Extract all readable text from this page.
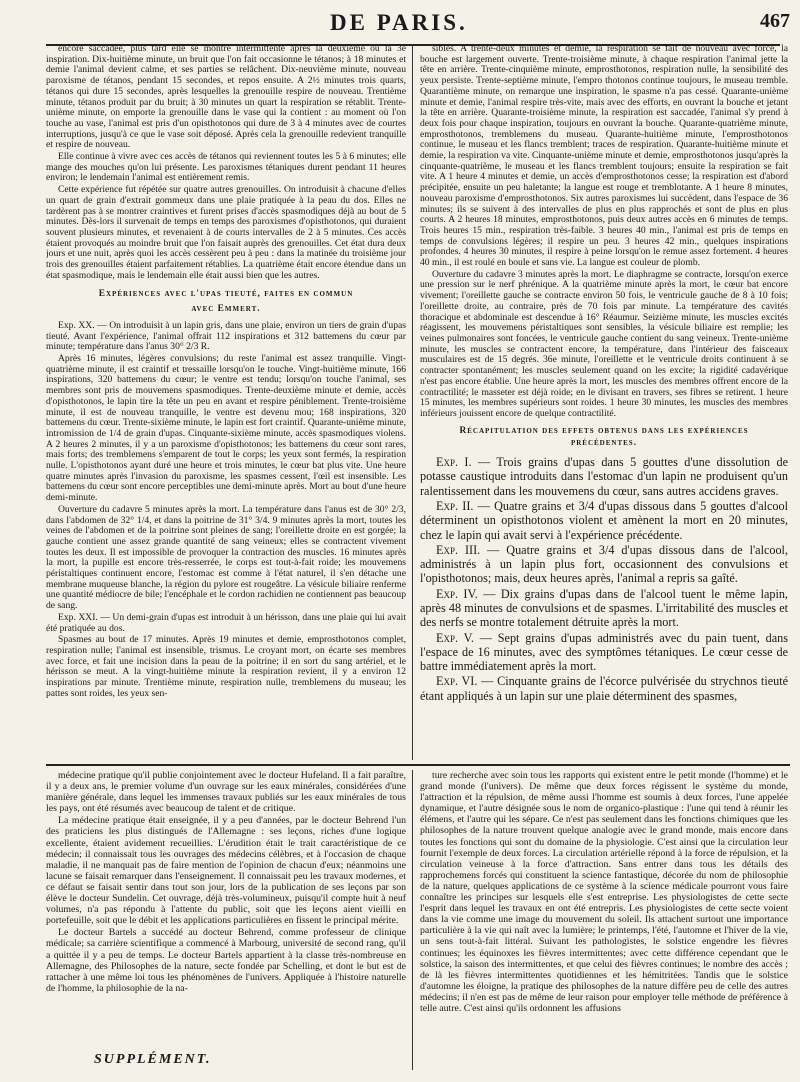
DE PARIS.	467

encore saccadée, plus tard elle se montre intermittente après la deuxième ou la 3e inspiration. Dix-huitième minute, un bruit que l'on fait occasionne le tétanos; à 18 minutes et demie l'animal devient calme, et ses parties se relâchent. Dix-neuvième minute, nouveau paroxisme de tétanos, pendant 15 secondes, et repos ensuite. A 2½ minutes trois quarts, tétanos qui dure 15 secondes, après lesquelles la grenouille respire de nouveau. Trentième minute, tétanos produit par du bruit; à 30 minutes un quart la respiration se rétablit. Trente-unième minute, on emporte la grenouille dans le vase qui la contient : au moment où l'on touche au vase, l'animal est pris d'un opisthotonos qui dure de 3 à 4 minutes avec de courtes interruptions, jusqu'à ce que le vase soit déposé. Après cela la grenouille redevient tranquille et respire de nouveau.

Elle continue à vivre avec ces accès de tétanos qui reviennent toutes les 5 à 6 minutes; elle mange des mouches qu'on lui présente. Les paroxismes tétaniques durent pendant 11 heures environ; le lendemain l'animal est entièrement remis.

Cette expérience fut répétée sur quatre autres grenouilles. On introduisit à chacune d'elles un quart de grain d'extrait gommeux dans une plaie pratiquée à la peau du dos. Elles ne tardèrent pas à se montrer craintives et furent prises d'accès spasmodiques déjà au bout de 5 minutes. Dès-lors il survenait de temps en temps des paroxismes d'opisthotonos, qui duraient souvent plusieurs minutes, et revenaient à de courts intervalles de 2 à 5 minutes. Ces accès étaient provoqués au moindre bruit que l'on faisait auprès des grenouilles. Cet état dura deux jours et une nuit, après quoi les accès cessèrent peu à peu : dans la matinée du troisième jour trois des grenouilles étaient parfaitement rétablies. La quatrième était encore étendue dans un état spasmodique, mais le lendemain elle était aussi bien que les autres.

Expériences avec l'upas tieuté, faites en commun
avec Emmert.

Exp. XX. — On introduisit à un lapin gris, dans une plaie, environ un tiers de grain d'upas tieuté. Avant l'expérience, l'animal offrait 112 inspirations et 312 battemens du cœur par minute; température dans l'anus 30° 2/3 R.

Après 16 minutes, légères convulsions; du reste l'animal est assez tranquille. Vingt-quatrième minute, il est craintif et tressaille lorsqu'on le touche. Vingt-huitième minute, 166 inspirations, 320 battemens du cœur; le ventre est tendu; lorsqu'on touche l'animal, ses membres sont pris de mouvemens spasmodiques. Trente-deuxième minute et demie, accès d'opisthotonos, le lapin tire la tête un peu en avant et respire péniblement. Trente-troisième minute, il est de nouveau tranquille, le ventre est devenu mou; 168 inspirations, 320 battemens du cœur. Trente-sixième minute, le lapin est fort craintif. Quarante-unième minute, intromission de 1/4 de grain d'upas. Cinquante-sixième minute, accès spasmodiques violens. A 2 heures 2 minutes, il y a un paroxisme d'opisthotonos; les battemens du cœur sont rares, mais forts; des tremblemens s'emparent de tout le corps; les yeux sont fermés, la respiration nulle. L'opisthotonos ayant duré une heure et trois minutes, le cœur bat plus vite. Une heure quatre minutes après l'invasion du paroxisme, les spasmes cessent, l'œil est insensible. Les battemens du cœur sont encore perceptibles une demi-minute après. Mort au bout d'une heure demi-minute.

Ouverture du cadavre 5 minutes après la mort. La température dans l'anus est de 30° 2/3, dans l'abdomen de 32° 1/4, et dans la poitrine de 31° 3/4. 9 minutes après la mort, toutes les veines de l'abdomen et de la poitrine sont pleines de sang; l'oreillette droite en est gorgée; la gauche contient une assez grande quantité de sang veineux; elles se contractent vivement toutes les deux. Il est impossible de provoquer la contraction des muscles. 16 minutes après la mort, la pupille est encore très-resserrée, le corps est tout-à-fait roide; les mouvemens péristaltiques continuent encore, l'estomac est comme à l'état naturel, il s'en détache une membrane muqueuse blanche, la région du pylore est rougeâtre. La vésicule biliaire renferme une quantité médiocre de bile; l'encéphale et le cordon rachidien ne contiennent pas beaucoup de sang.

Exp. XXI. — Un demi-grain d'upas est introduit à un hérisson, dans une plaie qui lui avait été pratiquée au dos.

Spasmes au bout de 17 minutes. Après 19 minutes et demie, emprosthotonos complet, respiration nulle; l'animal est insensible, trismus. Le croyant mort, on écarte ses membres avec force, et fait une incision dans la peau de la poitrine; il en sort du sang artériel, et le hérisson se meut. A la vingt-huitième minute la respiration revient, il y a environ 12 inspirations par minute. Trentième minute, respiration nulle, tremblemens du museau; les pattes sont roides, les yeux sen-

sibles. A trente-deux minutes et demie, la respiration se fait de nouveau avec force, la bouche est largement ouverte. Trente-troisième minute, à chaque respiration l'animal jette la tête en arrière. Trente-cinquième minute, emprosthotonos, respiration nulle, la sensibilité des yeux persiste. Trente-septième minute, l'empro thotonos continue toujours, le museau tremble. Quarantième minute, on remarque une inspiration, le spasme n'a pas cessé. Quarante-unième minute et demie, l'animal respire très-vite, mais avec des efforts, en ouvrant la bouche et jetant la tête en arrière. Quarante-troisième minute, la respiration est saccadée, l'animal s'y prend à deux fois pour chaque inspiration, toujours en ouvrant la bouche. Quarante-quatrième minute, emprosthotonos, tremblemens du museau. Quarante-huitième minute, l'emprosthotonos continue, le museau et les flancs tremblent; traces de respiration. Quarante-huitième minute et demie, la respiration va vite. Cinquante-unième minute et demie, emprosthotonos jusqu'après la cinquante-quatrième, le museau et les flancs tremblent toujours; ensuite la respiration se fait vite. A 1 heure 4 minutes et demie, un accès d'emprosthotonos cesse; la respiration est d'abord précipitée, ensuite un peu haletante; la langue est rouge et tremblotante. A 1 heure 8 minutes, nouveau paroxisme d'emprosthotonos. Six autres paroxismes lui succèdent, dans l'espace de 36 minutes; ils se suivent à des intervalles de plus en plus rapprochés et sont de plus en plus courts. A 2 heures 18 minutes, emprosthotonos, puis deux autres accès en 6 minutes de temps. Trois heures 15 min., respiration très-faible. 3 heures 40 min., l'animal est pris de temps en temps de convulsions légères; il respire un peu. 3 heures 42 min., quelques inspirations profondes. 4 heures 30 minutes, il respire à peine lorsqu'on le remue assez fortement. 4 heures 40 min., il est roulé en boule et sans vie. La langue est couleur de plomb.

Ouverture du cadavre 3 minutes après la mort. Le diaphragme se contracte, lorsqu'on exerce une pression sur le nerf phrénique. A la quatrième minute après la mort, le cœur bat encore vivement; l'oreillette gauche se contracte environ 50 fois, le ventricule gauche de 8 à 10 fois; l'oreillette droite, au contraire, près de 70 fois par minute. La température des cavités thoracique et abdominale est descendue à 16° Réaumur. Seizième minute, les muscles excités réagissent, les mouvemens péristaltiques sont sensibles, la vésicule biliaire est remplie; les veines pulmonaires sont foncées, le ventricule gauche contient du sang veineux. Trente-unième minute, les muscles se contractent encore, la température, dans l'intérieur des faisceaux musculaires est de 15 degrés. 36e minute, l'oreillette et le ventricule droits continuent à se contracter spontanément; les muscles seulement quand on les excite; la rigidité cadavérique n'est pas encore établie. Une heure après la mort, les muscles des membres offrent encore de la contractilité; le masseter est déjà roide; en le divisant en travers, ses fibres se retirent. 1 heure 15 minutes, les membres supérieurs sont roides. 1 heure 30 minutes, les muscles des membres inférieurs jouissent encore de quelque contractilité.

Récapitulation des effets obtenus dans les expériences
précédentes.

Exp. I. — Trois grains d'upas dans 5 gouttes d'une dissolution de potasse caustique introduits dans l'estomac d'un lapin ne produisent qu'un ralentissement dans les mouvemens du cœur, sans autres accidens graves.

Exp. II. — Quatre grains et 3/4 d'upas dissous dans 5 gouttes d'alcool déterminent un opisthotonos violent et amènent la mort en 20 minutes, chez le lapin qui avait servi à l'expérience précédente.

Exp. III. — Quatre grains et 3/4 d'upas dissous dans de l'alcool, administrés à un lapin plus fort, occasionnent des convulsions et l'opisthotonos; mais, deux heures après, l'animal a repris sa gaîté.

Exp. IV. — Dix grains d'upas dans de l'alcool tuent le même lapin, après 48 minutes de convulsions et de spasmes. L'irritabilité des muscles et des nerfs se montre totalement détruite après la mort.

Exp. V. — Sept grains d'upas administrés avec du pain tuent, dans l'espace de 16 minutes, avec des symptômes tétaniques. Le cœur cesse de battre immédiatement après la mort.

Exp. VI. — Cinquante grains de l'écorce pulvérisée du strychnos tieuté étant appliqués à un lapin sur une plaie déterminent des spasmes,

médecine pratique qu'il publie conjointement avec le docteur Hufeland. Il a fait paraître, il y a deux ans, le premier volume d'un ouvrage sur les eaux minérales, considérées d'une manière générale, dans lequel les immenses travaux publiés sur les eaux minérales de tous les pays, ont été résumés avec beaucoup de talent et de critique.

La médecine pratique était enseignée, il y a peu d'années, par le docteur Behrend l'un des praticiens les plus distingués de l'Allemagne : ses leçons, riches d'une logique excellente, étaient avidement recueillies. L'érudition était le trait caractéristique de ce médecin; il connaissait tous les ouvrages des médecins célèbres, et à l'occasion de chaque maladie, il ne manquait pas de faire mention de l'opinion de chacun d'eux; néanmoins une lacune se faisait remarquer dans l'enseignement. Il connaissait peu les travaux modernes, et ce défaut se faisait sentir dans tout son jour, lors de la publication de ses leçons par son élève le docteur Sundelin. Cet ouvrage, déjà très-volumineux, puisqu'il compte huit à neuf volumes, n'a pas répondu à l'attente du public, soit que les leçons aient vieilli en portefeuille, soit que le débit et les applications particulières en fissent le principal mérite.

Le docteur Bartels a succédé au docteur Behrend, comme professeur de clinique médicale; sa carrière scientifique a commencé à Marbourg, université de second rang, qu'il a quittée il y a peu de temps. Le docteur Bartels appartient à la classe très-nombreuse en Allemagne, des Philosophes de la nature, secte fondée par Schelling, et dont le but est de rattacher à une même loi tous les phénomènes de l'univers. Appliquée à l'histoire naturelle de l'homme, la philosophie de la na-

ture recherche avec soin tous les rapports qui existent entre le petit monde (l'homme) et le grand monde (l'univers). De même que deux forces régissent le système du monde, l'attraction et la répulsion, de même aussi l'homme est soumis à deux forces, l'une appelée dynamique, et l'autre désignée sous le nom de organico-plastique : l'une qui tend à réunir les élémens, et l'autre qui les sépare. Ce n'est pas seulement dans les fonctions chimiques que les philosophes de la nature trouvent quelque analogie avec le grand monde, mais encore dans toutes les fonctions qui sont du domaine de la physiologie. C'est ainsi que la circulation leur fournit l'exemple de deux forces. La circulation artérielle répond à la force de répulsion, et la circulation veineuse à la force d'attraction. Sans entrer dans tous les détails des rapprochemens forcés qui constituent la science fantastique, décorée du nom de philosophie de la nature, quelques applications de ce système à la science médicale pourront vous faire connaître les principes sur lesquels elle s'est entreprise. Les physiologistes de cette secte l'esprit dans lequel les travaux en ont été entrepris. Les physiologistes de cette secte voient dans la vie comme une image du mouvement du soleil. Ils attachent surtout une importance particulière à la vie qui naît avec la lumière; le printemps, l'été, l'automne et l'hiver de la vie, un sens tout-à-fait littéral. Suivant les pathologistes, le solstice engendre les fièvres continues; les équinoxes les fièvres intermittentes; avec cette différence cependant que le solstice, la saison des intermittentes, et que celui des fièvres continues; le nombre des accès ; de là les fièvres intermittentes quotidiennes et les hémitritées. Tandis que le solstice d'automne les éloigne, la pratique des philosophes de la nature diffère peu de celle des autres médecins; il n'en est pas de même de leur raison pour employer telle méthode de préférence à telle autre. C'est ainsi qu'ils ordonnent les affusions

SUPPLÉMENT.
